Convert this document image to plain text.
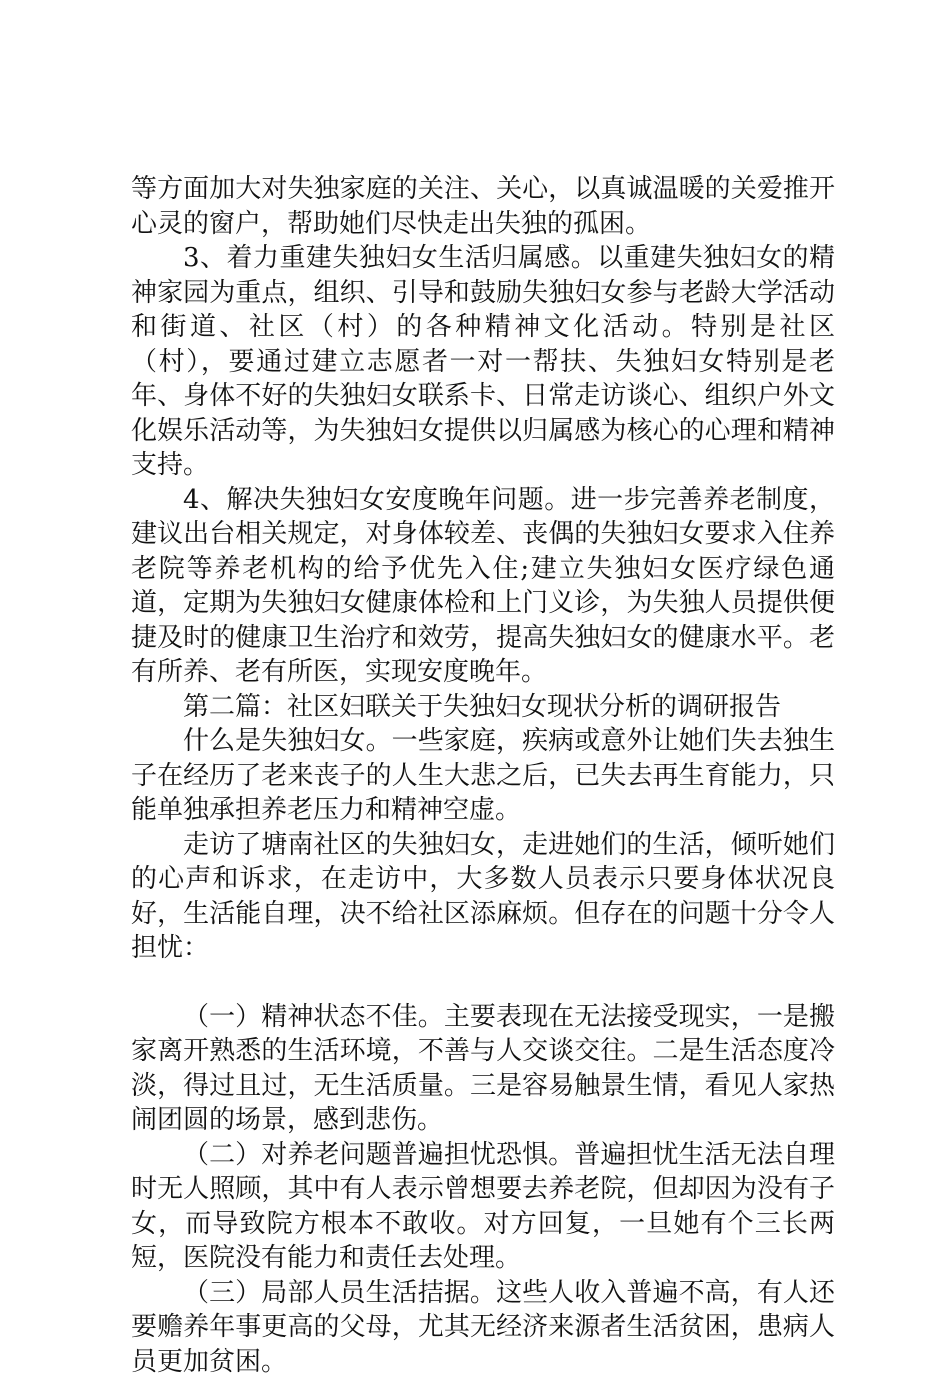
等方面加大对失独家庭的关注、关心，以真诚温暖的关爱推开心灵的窗户，帮助她们尽快走出失独的孤困。

3、着力重建失独妇女生活归属感。以重建失独妇女的精神家园为重点，组织、引导和鼓励失独妇女参与老龄大学活动和街道、社区（村）的各种精神文化活动。特别是社区（村），要通过建立志愿者一对一帮扶、失独妇女特别是老年、身体不好的失独妇女联系卡、日常走访谈心、组织户外文化娱乐活动等，为失独妇女提供以归属感为核心的心理和精神支持。

4、解决失独妇女安度晚年问题。进一步完善养老制度，建议出台相关规定，对身体较差、丧偶的失独妇女要求入住养老院等养老机构的给予优先入住;建立失独妇女医疗绿色通道，定期为失独妇女健康体检和上门义诊，为失独人员提供便捷及时的健康卫生治疗和效劳，提高失独妇女的健康水平。老有所养、老有所医，实现安度晚年。

第二篇：社区妇联关于失独妇女现状分析的调研报告

什么是失独妇女。一些家庭，疾病或意外让她们失去独生子在经历了老来丧子的人生大悲之后，已失去再生育能力，只能单独承担养老压力和精神空虚。

走访了塘南社区的失独妇女，走进她们的生活，倾听她们的心声和诉求，在走访中，大多数人员表示只要身体状况良好，生活能自理，决不给社区添麻烦。但存在的问题十分令人担忧：

（一）精神状态不佳。主要表现在无法接受现实，一是搬家离开熟悉的生活环境，不善与人交谈交往。二是生活态度冷淡，得过且过，无生活质量。三是容易触景生情，看见人家热闹团圆的场景，感到悲伤。

（二）对养老问题普遍担忧恐惧。普遍担忧生活无法自理时无人照顾，其中有人表示曾想要去养老院，但却因为没有子女，而导致院方根本不敢收。对方回复，一旦她有个三长两短，医院没有能力和责任去处理。

（三）局部人员生活拮据。这些人收入普遍不高，有人还要赡养年事更高的父母，尤其无经济来源者生活贫困，患病人员更加贫困。
